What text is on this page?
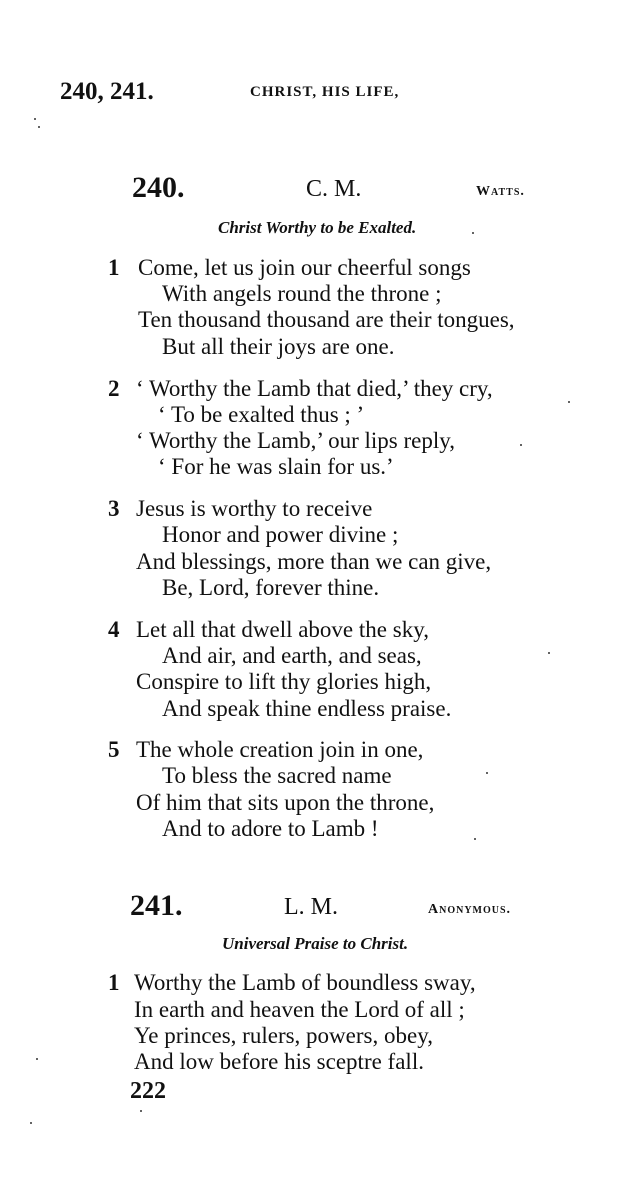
240, 241.	CHRIST, HIS LIFE,
240.	C. M.	Watts.
Christ Worthy to be Exalted.
1 Come, let us join our cheerful songs
With angels round the throne ;
Ten thousand thousand are their tongues,
But all their joys are one.
2 ‘ Worthy the Lamb that died,’ they cry,
‘ To be exalted thus ; ’
‘ Worthy the Lamb,’ our lips reply,
‘ For he was slain for us.’
3 Jesus is worthy to receive
Honor and power divine ;
And blessings, more than we can give,
Be, Lord, forever thine.
4 Let all that dwell above the sky,
And air, and earth, and seas,
Conspire to lift thy glories high,
And speak thine endless praise.
5 The whole creation join in one,
To bless the sacred name
Of him that sits upon the throne,
And to adore to Lamb !
241.	L. M.	Anonymous.
Universal Praise to Christ.
1 Worthy the Lamb of boundless sway,
In earth and heaven the Lord of all ;
Ye princes, rulers, powers, obey,
And low before his sceptre fall.
222
